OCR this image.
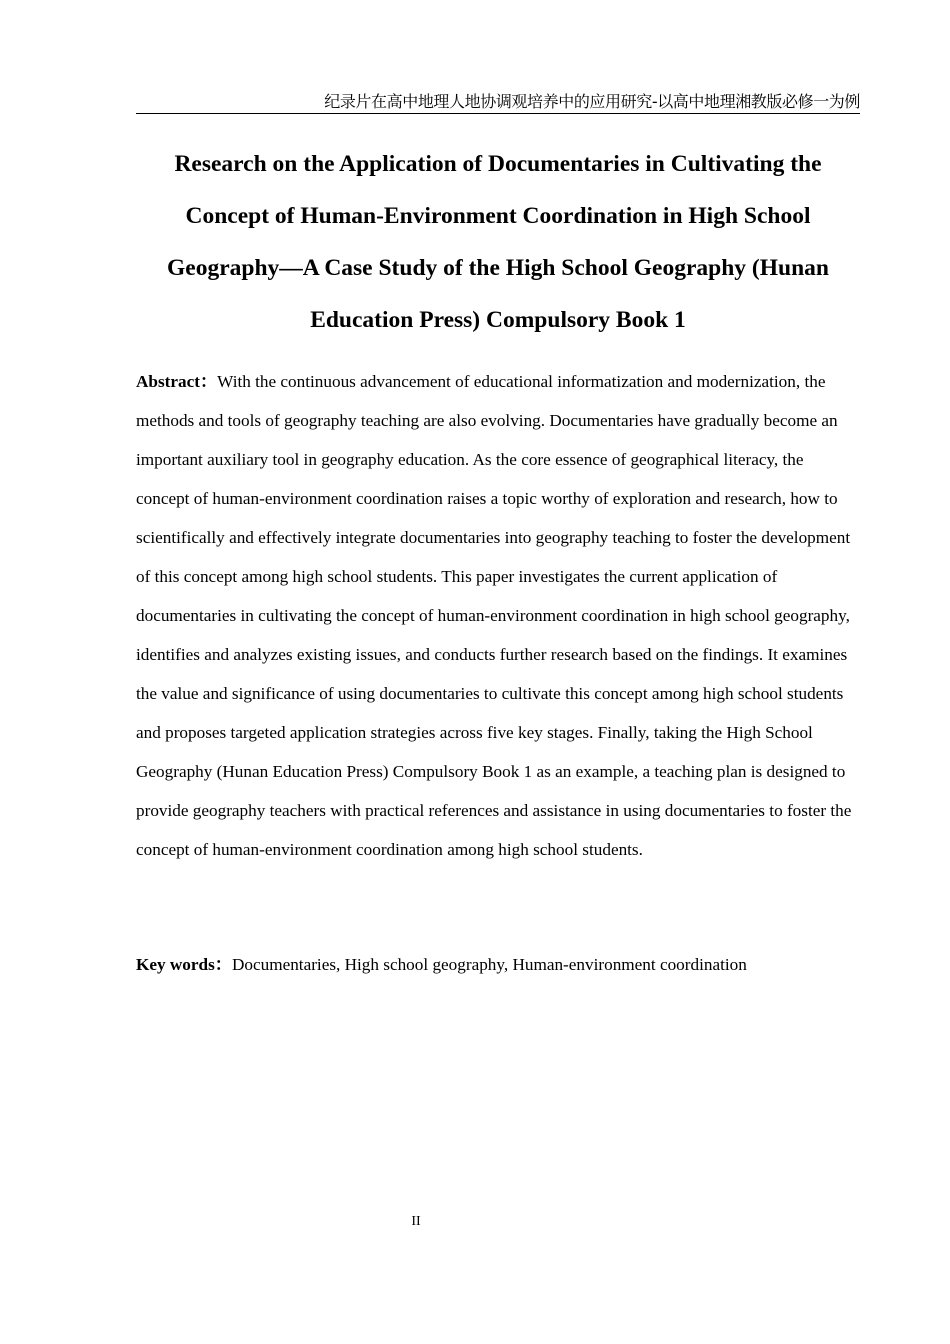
纪录片在高中地理人地协调观培养中的应用研究-以高中地理湘教版必修一为例
Research on the Application of Documentaries in Cultivating the Concept of Human-Environment Coordination in High School Geography—A Case Study of the High School Geography (Hunan Education Press) Compulsory Book 1

Abstract：With the continuous advancement of educational informatization and modernization, the methods and tools of geography teaching are also evolving. Documentaries have gradually become an important auxiliary tool in geography education. As the core essence of geographical literacy, the concept of human-environment coordination raises a topic worthy of exploration and research, how to scientifically and effectively integrate documentaries into geography teaching to foster the development of this concept among high school students. This paper investigates the current application of documentaries in cultivating the concept of human-environment coordination in high school geography, identifies and analyzes existing issues, and conducts further research based on the findings. It examines the value and significance of using documentaries to cultivate this concept among high school students and proposes targeted application strategies across five key stages. Finally, taking the High School Geography (Hunan Education Press) Compulsory Book 1 as an example, a teaching plan is designed to provide geography teachers with practical references and assistance in using documentaries to foster the concept of human-environment coordination among high school students.

Key words：Documentaries, High school geography, Human-environment coordination

II
